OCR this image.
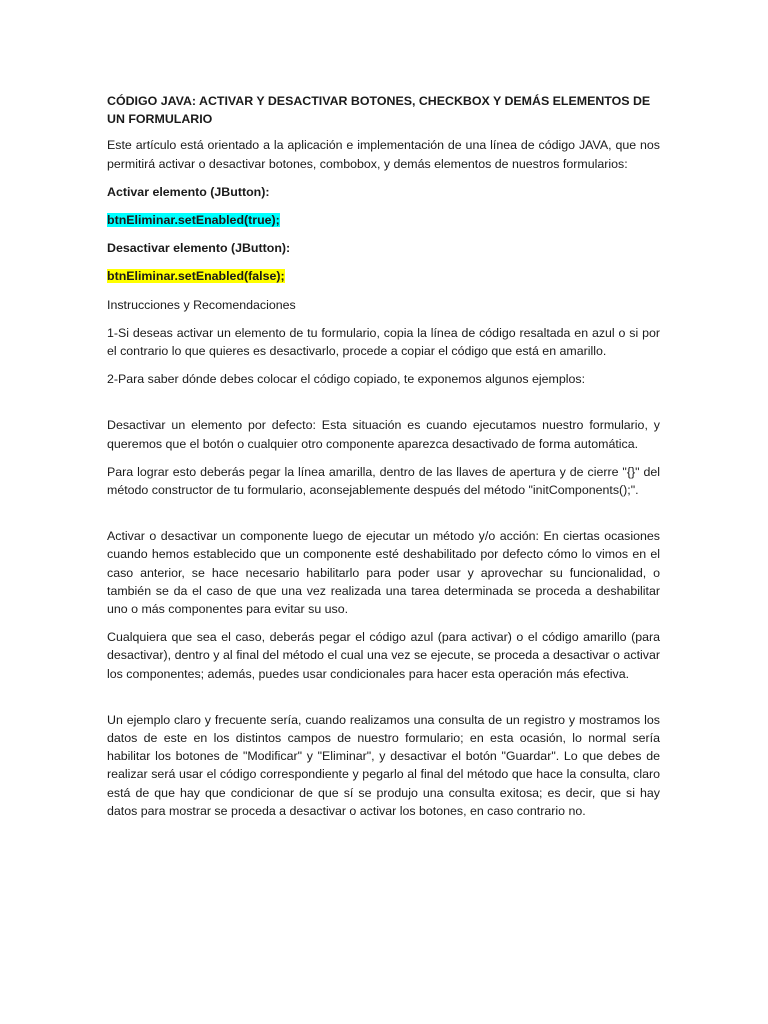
CÓDIGO JAVA: ACTIVAR Y DESACTIVAR BOTONES, CHECKBOX Y DEMÁS ELEMENTOS DE UN FORMULARIO

Este artículo está orientado a la aplicación e implementación de una línea de código JAVA, que nos permitirá activar o desactivar botones, combobox, y demás elementos de nuestros formularios:

Activar elemento (JButton):

btnEliminar.setEnabled(true);

Desactivar elemento (JButton):

btnEliminar.setEnabled(false);

Instrucciones y Recomendaciones

1-Si deseas activar un elemento de tu formulario, copia la línea de código resaltada en azul o si por el contrario lo que quieres es desactivarlo, procede a copiar el código que está en amarillo.

2-Para saber dónde debes colocar el código copiado, te exponemos algunos ejemplos:

Desactivar un elemento por defecto: Esta situación es cuando ejecutamos nuestro formulario, y queremos que el botón o cualquier otro componente aparezca desactivado de forma automática.

Para lograr esto deberás pegar la línea amarilla, dentro de las llaves de apertura y de cierre "{}" del método constructor de tu formulario, aconsejablemente después del método "initComponents();".

Activar o desactivar un componente luego de ejecutar un método y/o acción: En ciertas ocasiones cuando hemos establecido que un componente esté deshabilitado por defecto cómo lo vimos en el caso anterior, se hace necesario habilitarlo para poder usar y aprovechar su funcionalidad, o también se da el caso de que una vez realizada una tarea determinada se proceda a deshabilitar uno o más componentes para evitar su uso.

Cualquiera que sea el caso, deberás pegar el código azul (para activar) o el código amarillo (para desactivar), dentro y al final del método el cual una vez se ejecute, se proceda a desactivar o activar los componentes; además, puedes usar condicionales para hacer esta operación más efectiva.

Un ejemplo claro y frecuente sería, cuando realizamos una consulta de un registro y mostramos los datos de este en los distintos campos de nuestro formulario; en esta ocasión, lo normal sería habilitar los botones de "Modificar" y "Eliminar", y desactivar el botón "Guardar". Lo que debes de realizar será usar el código correspondiente y pegarlo al final del método que hace la consulta, claro está de que hay que condicionar de que sí se produjo una consulta exitosa; es decir, que si hay datos para mostrar se proceda a desactivar o activar los botones, en caso contrario no.
